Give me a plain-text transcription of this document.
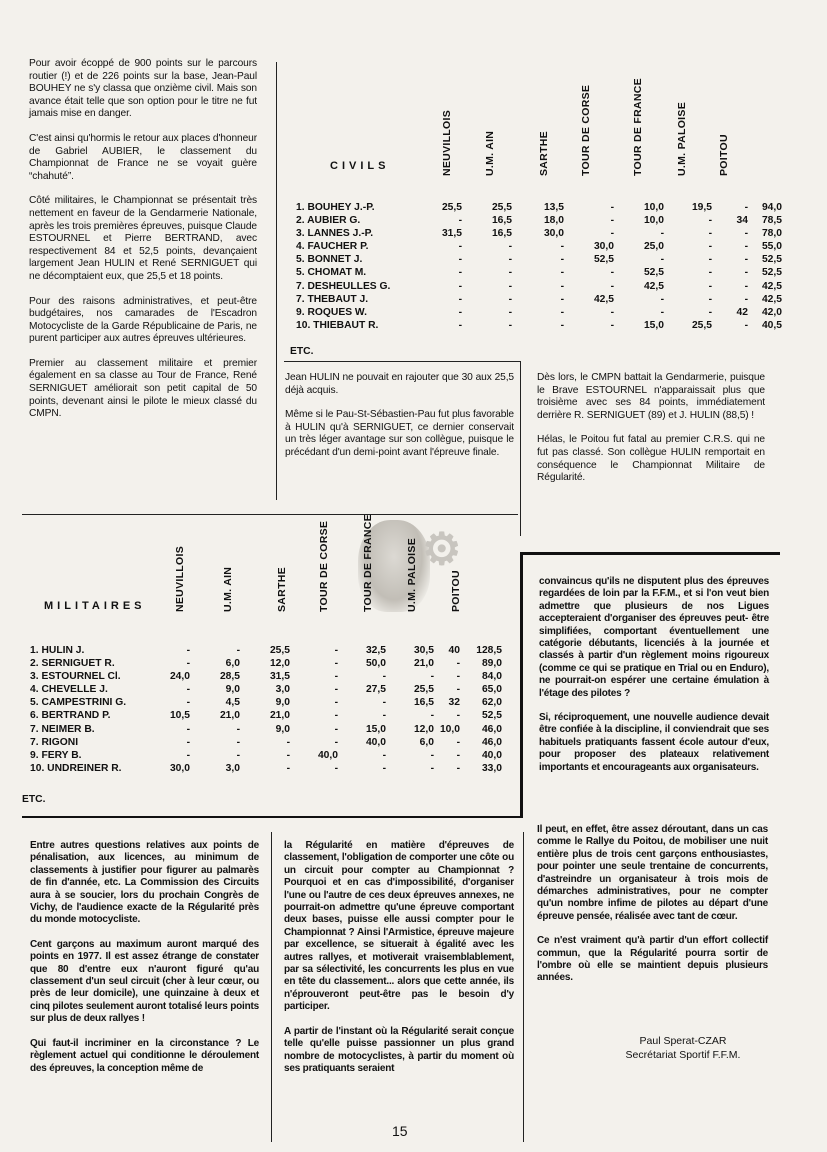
Pour avoir écoppé de 900 points sur le parcours routier (!) et de 226 points sur la base, Jean-Paul BOUHEY ne s'y classa que onzième civil. Mais son avance était telle que son option pour le titre ne fut jamais mise en danger.

C'est ainsi qu'hormis le retour aux places d'honneur de Gabriel AUBIER, le classement du Championnat de France ne se voyait guère “chahuté”.

Côté militaires, le Championnat se présentait très nettement en faveur de la Gendarmerie Nationale, après les trois premières épreuves, puisque Claude ESTOURNEL et Pierre BERTRAND, avec respectivement 84 et 52,5 points, devançaient largement Jean HULIN et René SERNIGUET qui ne décomptaient eux, que 25,5 et 18 points.

Pour des raisons administratives, et peut-être budgétaires, nos camarades de l'Escadron Motocycliste de la Garde Républicaine de Paris, ne purent participer aux autres épreuves ultérieures.

Premier au classement militaire et premier également en sa classe au Tour de France, René SERNIGUET améliorait son petit capital de 50 points, devenant ainsi le pilote le mieux classé du CMPN.

CIVILS	NEUVILLOIS	U.M. AIN	SARTHE	TOUR DE CORSE	TOUR DE FRANCE	U.M. PALOISE	POITOU
1. BOUHEY J.-P.	25,5	25,5	13,5	-	10,0	19,5	-	94,0
2. AUBIER G.	-	16,5	18,0	-	10,0	-	34	78,5
3. LANNES J.-P.	31,5	16,5	30,0	-	-	-	-	78,0
4. FAUCHER P.	-	-	-	30,0	25,0	-	-	55,0
5. BONNET J.	-	-	-	52,5	-	-	-	52,5
5. CHOMAT M.	-	-	-	-	52,5	-	-	52,5
7. DESHEULLES G.	-	-	-	-	42,5	-	-	42,5
7. THEBAUT J.	-	-	-	42,5	-	-	-	42,5
9. ROQUES W.	-	-	-	-	-	-	42	42,0
10. THIEBAUT R.	-	-	-	-	15,0	25,5	-	40,5
ETC.

Jean HULIN ne pouvait en rajouter que 30 aux 25,5 déjà acquis.

Même si le Pau-St-Sébastien-Pau fut plus favorable à HULIN qu'à SERNIGUET, ce dernier conservait un très léger avantage sur son collègue, puisque le précédant d'un demi-point avant l'épreuve finale.

Dès lors, le CMPN battait la Gendarmerie, puisque le Brave ESTOURNEL n'apparaissait plus que troisième avec ses 84 points, immédiatement derrière R. SERNIGUET (89) et J. HULIN (88,5) !

Hélas, le Poitou fut fatal au premier C.R.S. qui ne fut pas classé. Son collègue HULIN remportait en conséquence le Championnat Militaire de Régularité.

⚙
MILITAIRES	NEUVILLOIS	U.M. AIN	SARTHE	TOUR DE CORSE	TOUR DE FRANCE	U.M. PALOISE	POITOU
1. HULIN J.	-	-	25,5	-	32,5	30,5	40	128,5
2. SERNIGUET R.	-	6,0	12,0	-	50,0	21,0	-	89,0
3. ESTOURNEL Cl.	24,0	28,5	31,5	-	-	-	-	84,0
4. CHEVELLE J.	-	9,0	3,0	-	27,5	25,5	-	65,0
5. CAMPESTRINI G.	-	4,5	9,0	-	-	16,5	32	62,0
6. BERTRAND P.	10,5	21,0	21,0	-	-	-	-	52,5
7. NEIMER B.	-	-	9,0	-	15,0	12,0	10,0	46,0
7. RIGONI	-	-	-	-	40,0	6,0	-	46,0
9. FERY B.	-	-	-	40,0	-	-	-	40,0
10. UNDREINER R.	30,0	3,0	-	-	-	-	-	33,0
ETC.

convaincus qu'ils ne disputent plus des épreuves regardées de loin par la F.F.M., et si l'on veut bien admettre que plusieurs de nos Ligues accepteraient d'organiser des épreuves peut- être simplifiées, comportant éventuellement une catégorie débutants, licenciés à la journée et classés à partir d'un règlement moins rigoureux (comme ce qui se pratique en Trial ou en Enduro), ne pourrait-on espérer une certaine émulation à l'étage des pilotes ?

Si, réciproquement, une nouvelle audience devait être confiée à la discipline, il conviendrait que ses habituels pratiquants fassent école autour d'eux, pour proposer des plateaux relativement importants et encourageants aux organisateurs.

Entre autres questions relatives aux points de pénalisation, aux licences, au minimum de classements à justifier pour figurer au palmarès de fin d'année, etc. La Commission des Circuits aura à se soucier, lors du prochain Congrès de Vichy, de l'audience exacte de la Régularité près du monde motocycliste.

Cent garçons au maximum auront marqué des points en 1977. Il est assez étrange de constater que 80 d'entre eux n'auront figuré qu'au classement d'un seul circuit (cher à leur cœur, ou près de leur domicile), une quinzaine à deux et cinq pilotes seulement auront totalisé leurs points sur plus de deux rallyes !

Qui faut-il incriminer en la circonstance ? Le règlement actuel qui conditionne le déroulement des épreuves, la conception même de

la Régularité en matière d'épreuves de classement, l'obligation de comporter une côte ou un circuit pour compter au Championnat ? Pourquoi et en cas d'impossibilité, d'organiser l'une ou l'autre de ces deux épreuves annexes, ne pourrait-on admettre qu'une épreuve comportant deux bases, puisse elle aussi compter pour le Championnat ? Ainsi l'Armistice, épreuve majeure par excellence, se situerait à égalité avec les autres rallyes, et motiverait vraisemblablement, par sa sélectivité, les concurrents les plus en vue en tête du classement... alors que cette année, ils n'éprouveront peut-être pas le besoin d'y participer.

A partir de l'instant où la Régularité serait conçue telle qu'elle puisse passionner un plus grand nombre de motocyclistes, à partir du moment où ses pratiquants seraient

Il peut, en effet, être assez déroutant, dans un cas comme le Rallye du Poitou, de mobiliser une nuit entière plus de trois cent garçons enthousiastes, pour pointer une seule trentaine de concurrents, d'astreindre un organisateur à trois mois de démarches administratives, pour ne compter qu'un nombre infime de pilotes au départ d'une épreuve pensée, réalisée avec tant de cœur.

Ce n'est vraiment qu'à partir d'un effort collectif commun, que la Régularité pourra sortir de l'ombre où elle se maintient depuis plusieurs années.

Paul Sperat-CZAR
Secrétariat Sportif F.F.M.
15
